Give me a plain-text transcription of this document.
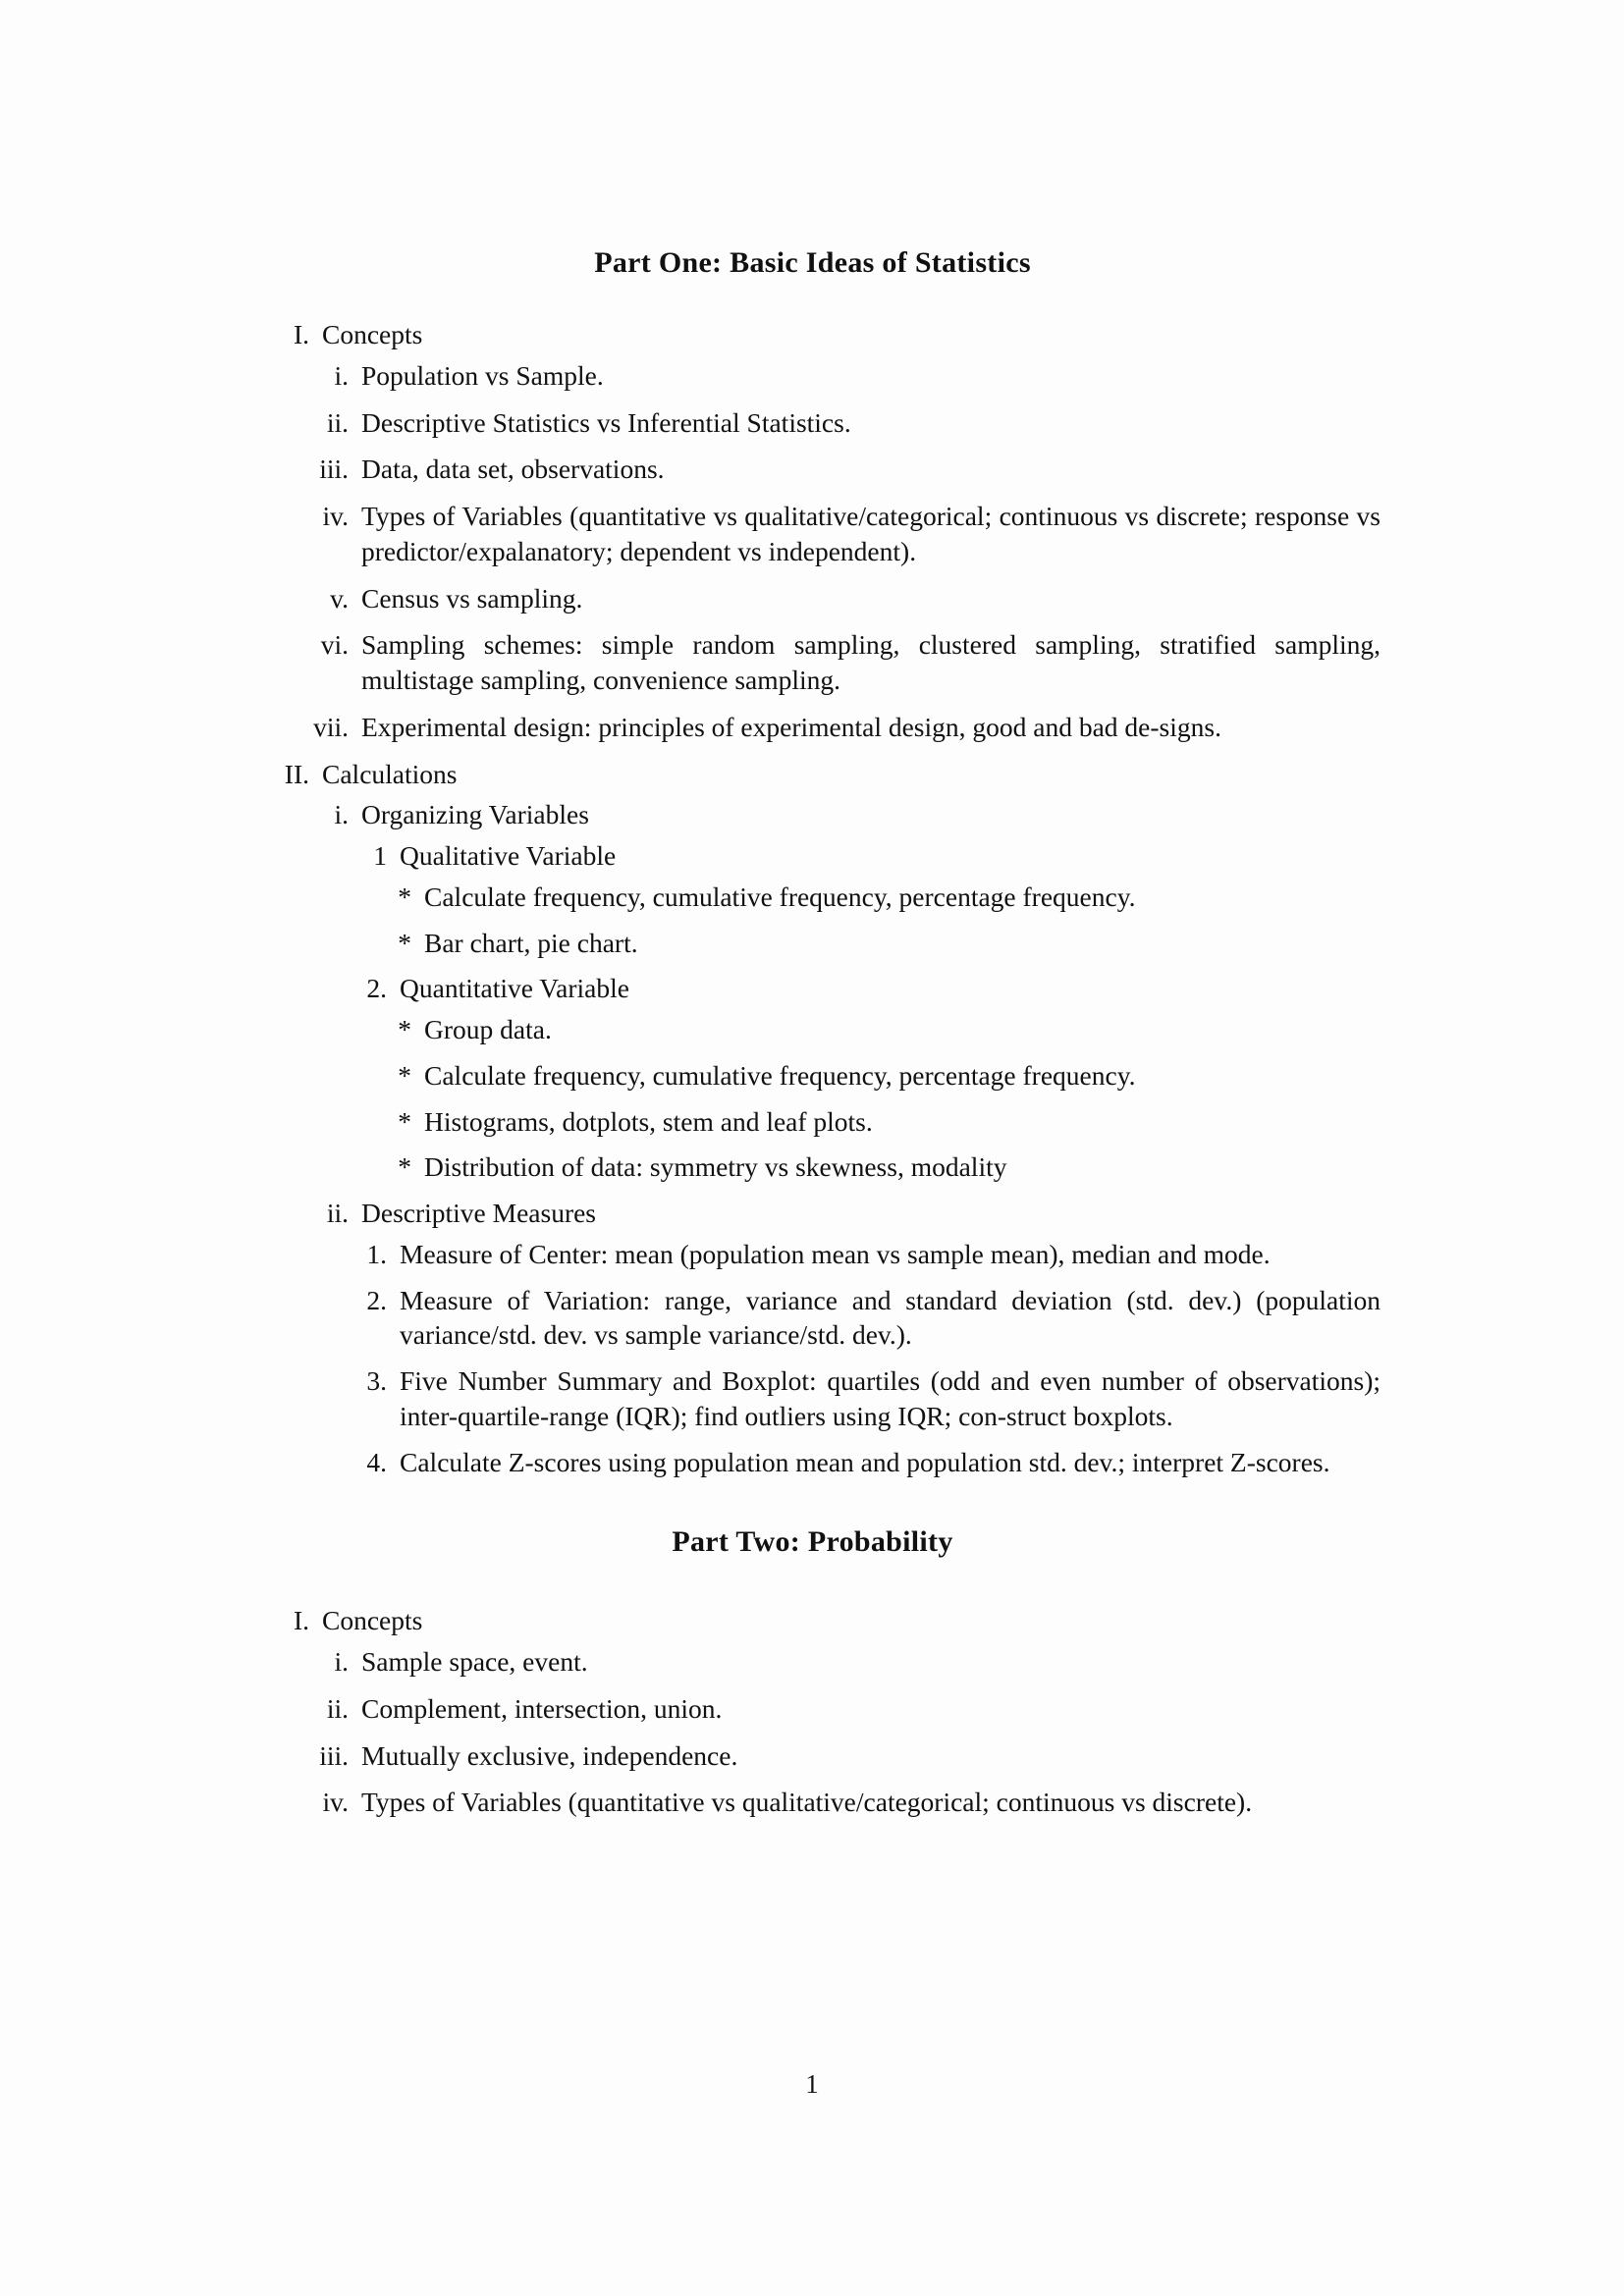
Part One: Basic Ideas of Statistics
I. Concepts
i. Population vs Sample.
ii. Descriptive Statistics vs Inferential Statistics.
iii. Data, data set, observations.
iv. Types of Variables (quantitative vs qualitative/categorical; continuous vs discrete; response vs predictor/expalanatory; dependent vs independent).
v. Census vs sampling.
vi. Sampling schemes: simple random sampling, clustered sampling, stratified sampling, multistage sampling, convenience sampling.
vii. Experimental design: principles of experimental design, good and bad de-signs.
II. Calculations
i. Organizing Variables
1 Qualitative Variable
* Calculate frequency, cumulative frequency, percentage frequency.
* Bar chart, pie chart.
2. Quantitative Variable
* Group data.
* Calculate frequency, cumulative frequency, percentage frequency.
* Histograms, dotplots, stem and leaf plots.
* Distribution of data: symmetry vs skewness, modality
ii. Descriptive Measures
1. Measure of Center: mean (population mean vs sample mean), median and mode.
2. Measure of Variation: range, variance and standard deviation (std. dev.) (population variance/std. dev. vs sample variance/std. dev.).
3. Five Number Summary and Boxplot: quartiles (odd and even number of observations); inter-quartile-range (IQR); find outliers using IQR; con-struct boxplots.
4. Calculate Z-scores using population mean and population std. dev.; interpret Z-scores.
Part Two: Probability
I. Concepts
i. Sample space, event.
ii. Complement, intersection, union.
iii. Mutually exclusive, independence.
iv. Types of Variables (quantitative vs qualitative/categorical; continuous vs discrete).
1
